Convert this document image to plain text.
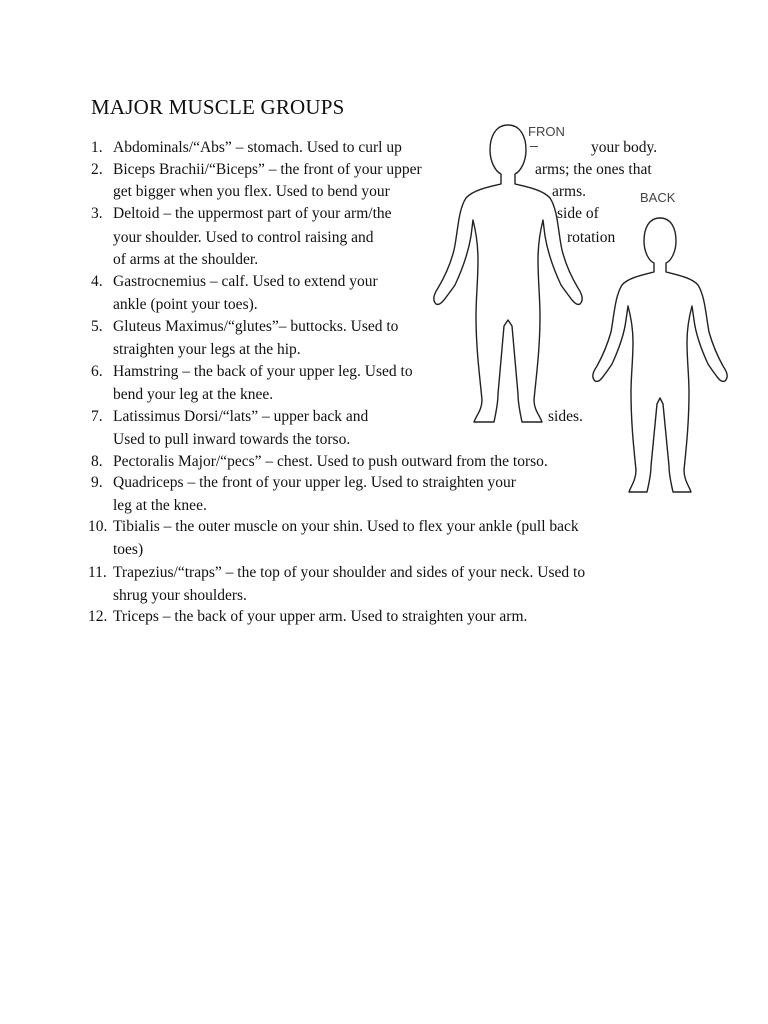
MAJOR MUSCLE GROUPS
1. Abdominals/“Abs” – stomach. Used to curl up	your body.
2. Biceps Brachii/“Biceps” – the front of your upper	arms; the ones that
get bigger when you flex. Used to bend your	arms.
3. Deltoid – the uppermost part of your arm/the	side of
your shoulder. Used to control raising and	rotation
of arms at the shoulder.
4. Gastrocnemius – calf. Used to extend your
ankle (point your toes).
5. Gluteus Maximus/“glutes”– buttocks. Used to
straighten your legs at the hip.
6. Hamstring – the back of your upper leg. Used to
bend your leg at the knee.
7. Latissimus Dorsi/“lats” – upper back and	sides.
Used to pull inward towards the torso.
8. Pectoralis Major/“pecs” – chest. Used to push outward from the torso.
9. Quadriceps – the front of your upper leg. Used to straighten your
leg at the knee.
10. Tibialis – the outer muscle on your shin. Used to flex your ankle (pull back
toes)
11. Trapezius/“traps” – the top of your shoulder and sides of your neck. Used to
shrug your shoulders.
12. Triceps – the back of your upper arm. Used to straighten your arm.
FRON
BACK
